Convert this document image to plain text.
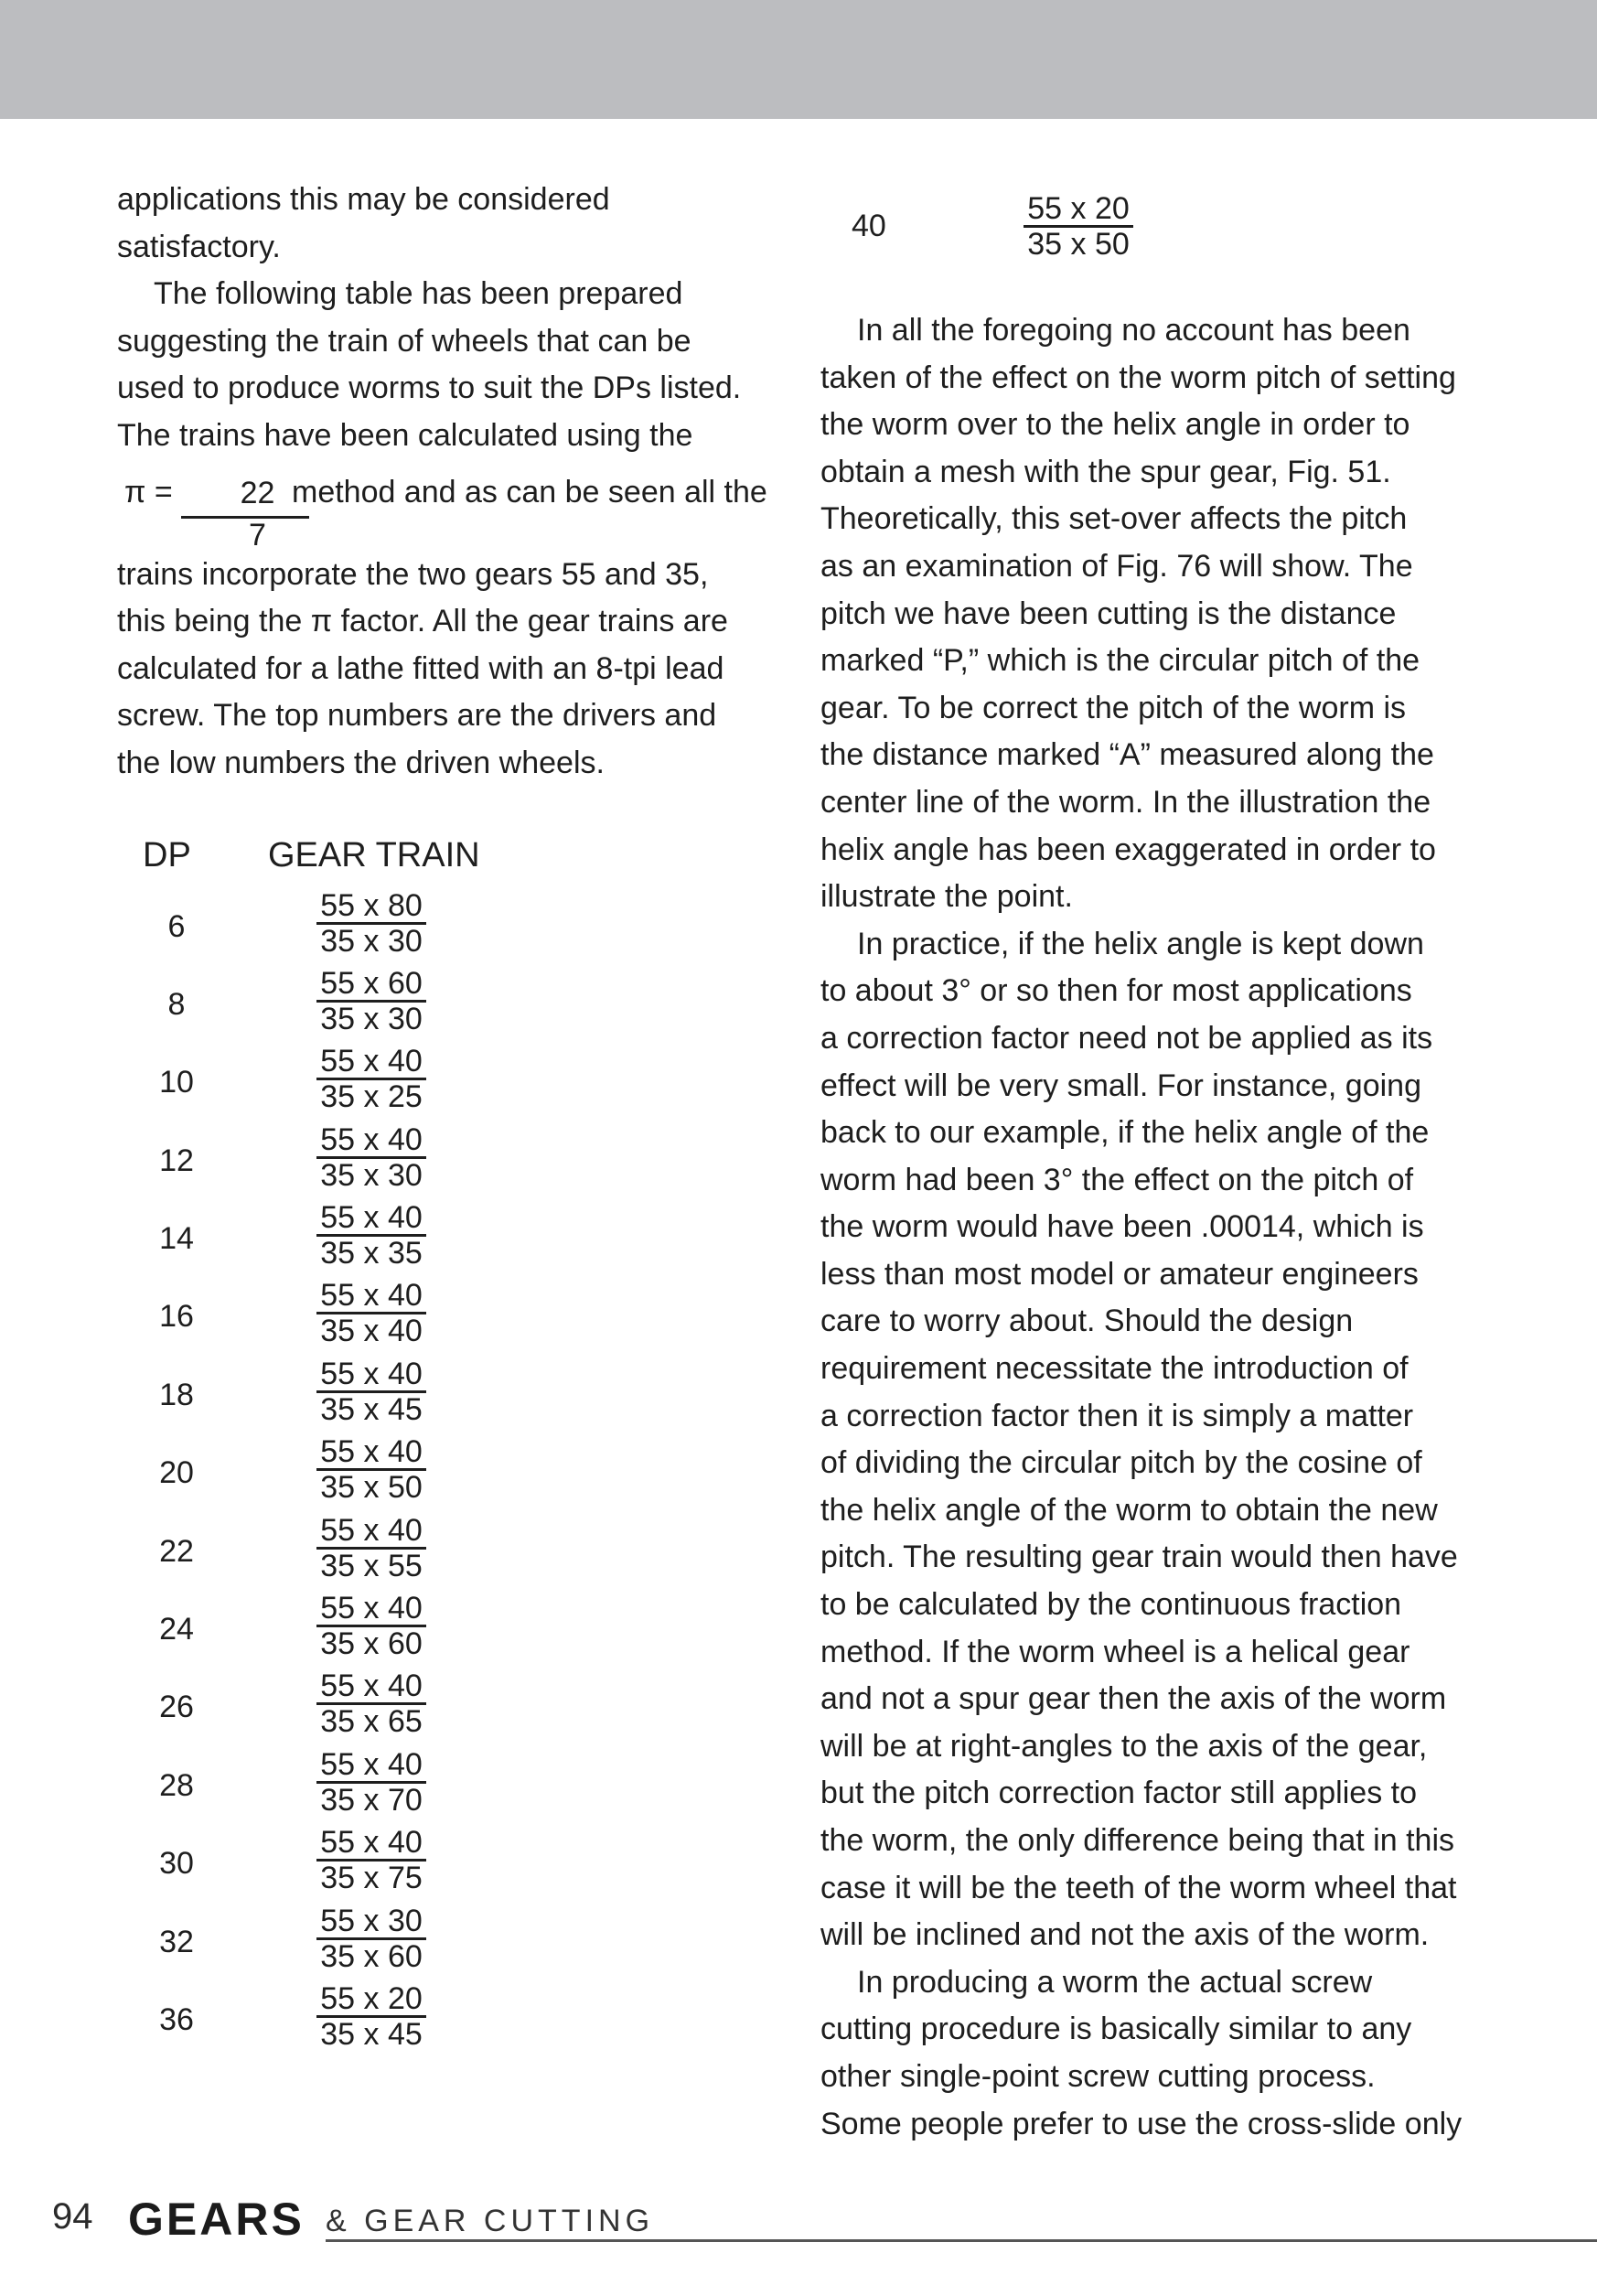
applications this may be considered

satisfactory.

The following table has been prepared

suggesting the train of wheels that can be

used to produce worms to suit the DPs listed.

The trains have been calculated using the

π =	22
7
method and as can be seen all the

trains incorporate the two gears 55 and 35,

this being the π factor. All the gear trains are

calculated for a lathe fitted with an 8-tpi lead

screw. The top numbers are the drivers and

the low numbers the driven wheels.

DP GEAR TRAIN
6	$\frac{55 x 80}{35 x 30}$
8	$\frac{55 x 60}{35 x 30}$
10	$\frac{55 x 40}{35 x 25}$
12	$\frac{55 x 40}{35 x 30}$
14	$\frac{55 x 40}{35 x 35}$
16	$\frac{55 x 40}{35 x 40}$
18	$\frac{55 x 40}{35 x 45}$
20	$\frac{55 x 40}{35 x 50}$
22	$\frac{55 x 40}{35 x 55}$
24	$\frac{55 x 40}{35 x 60}$
26	$\frac{55 x 40}{35 x 65}$
28	$\frac{55 x 40}{35 x 70}$
30	$\frac{55 x 40}{35 x 75}$
32	$\frac{55 x 30}{35 x 60}$
36	$\frac{55 x 20}{35 x 45}$
40	$\frac{55 x 20}{35 x 50}$

In all the foregoing no account has been

taken of the effect on the worm pitch of setting

the worm over to the helix angle in order to

obtain a mesh with the spur gear, Fig. 51.

Theoretically, this set-over affects the pitch

as an examination of Fig. 76 will show. The

pitch we have been cutting is the distance

marked “P,” which is the circular pitch of the

gear. To be correct the pitch of the worm is

the distance marked “A” measured along the

center line of the worm. In the illustration the

helix angle has been exaggerated in order to

illustrate the point.

In practice, if the helix angle is kept down

to about 3° or so then for most applications

a correction factor need not be applied as its

effect will be very small. For instance, going

back to our example, if the helix angle of the

worm had been 3° the effect on the pitch of

the worm would have been .00014, which is

less than most model or amateur engineers

care to worry about. Should the design

requirement necessitate the introduction of

a correction factor then it is simply a matter

of dividing the circular pitch by the cosine of

the helix angle of the worm to obtain the new

pitch. The resulting gear train would then have

to be calculated by the continuous fraction

method. If the worm wheel is a helical gear

and not a spur gear then the axis of the worm

will be at right-angles to the axis of the gear,

but the pitch correction factor still applies to

the worm, the only difference being that in this

case it will be the teeth of the worm wheel that

will be inclined and not the axis of the worm.

In producing a worm the actual screw

cutting procedure is basically similar to any

other single-point screw cutting process.

Some people prefer to use the cross-slide only

94 GEARS & GEAR CUTTING
